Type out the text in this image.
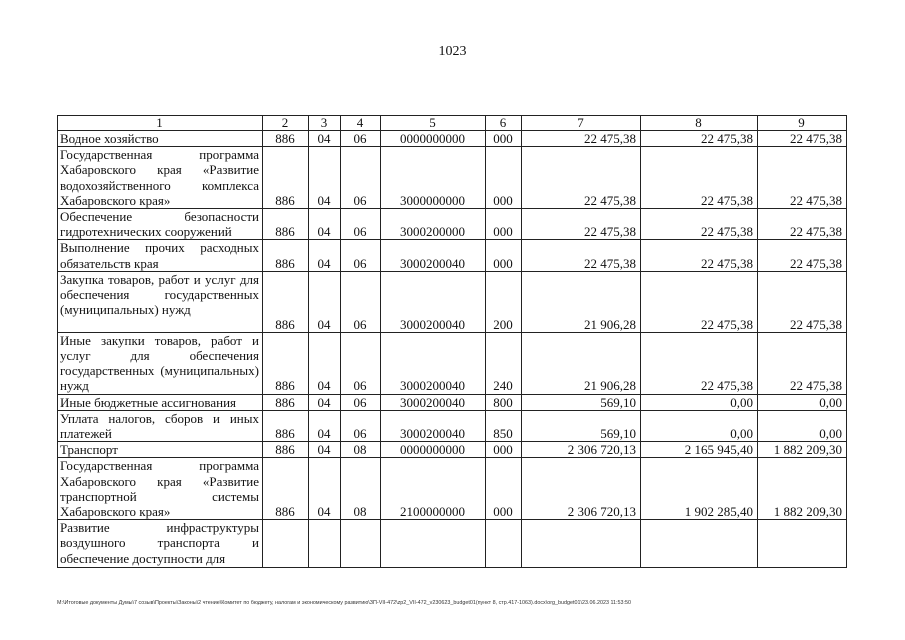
1023
1	2	3	4	5	6	7	8	9
Водное хозяйство	886	04	06	0000000000	000	22 475,38	22 475,38	22 475,38
Государственная программа Хабаровского края «Развитие водохозяйственного комплекса Хабаровского края»	886	04	06	3000000000	000	22 475,38	22 475,38	22 475,38
Обеспечение безопасности гидротехнических сооружений	886	04	06	3000200000	000	22 475,38	22 475,38	22 475,38
Выполнение прочих расходных обязательств края	886	04	06	3000200040	000	22 475,38	22 475,38	22 475,38
Закупка товаров, работ и услуг для обеспечения государственных (муниципальных) нужд	886	04	06	3000200040	200	21 906,28	22 475,38	22 475,38
Иные закупки товаров, работ и услуг для обеспечения государственных (муниципальных) нужд	886	04	06	3000200040	240	21 906,28	22 475,38	22 475,38
Иные бюджетные ассигнования	886	04	06	3000200040	800	569,10	0,00	0,00
Уплата налогов, сборов и иных платежей	886	04	06	3000200040	850	569,10	0,00	0,00
Транспорт	886	04	08	0000000000	000	2 306 720,13	2 165 945,40	1 882 209,30
Государственная программа Хабаровского края «Развитие транспортной системы Хабаровского края»	886	04	08	2100000000	000	2 306 720,13	1 902 285,40	1 882 209,30
Развитие инфраструктуры воздушного транспорта и обеспечение доступности для								
M:\Итоговые документы Думы\7 созыв\Проекты\Законы\2 чтение\Комитет по бюджету, налогам и экономическому развитию\ЗП-VII-472\zp2_VII-472_v230623_budget01(пункт 8, стр.417-1063).docx\org_budget01\23.06.2023 11:53:50
